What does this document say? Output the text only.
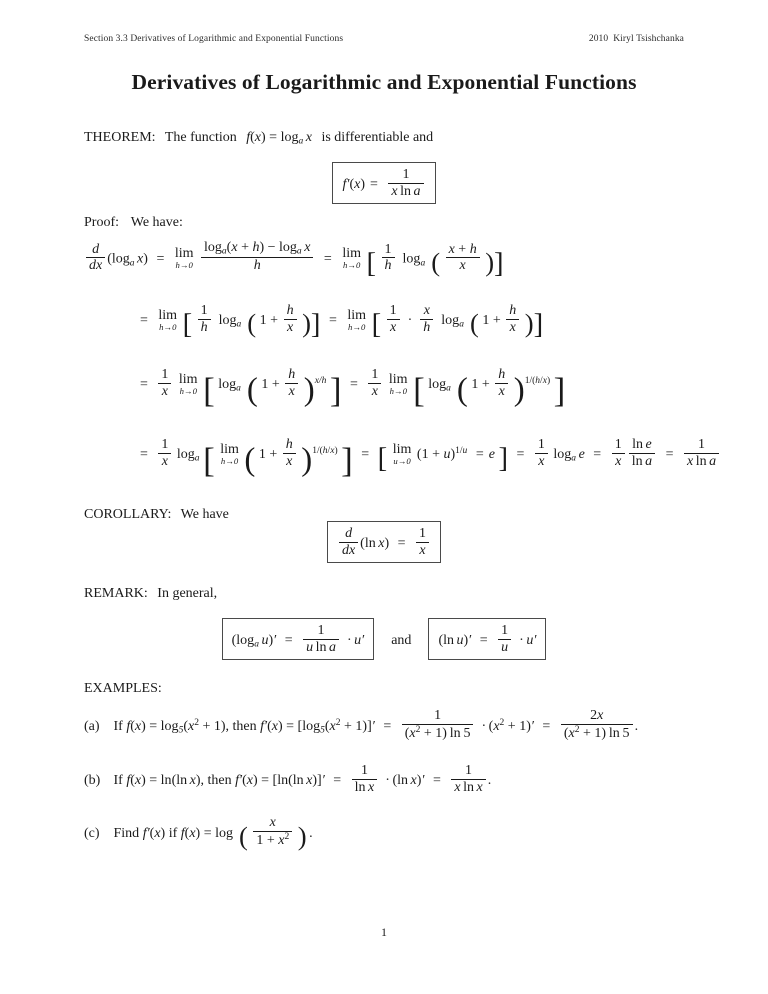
Section 3.3 Derivatives of Logarithmic and Exponential Functions	2010  Kiryl Tsishchanka
Derivatives of Logarithmic and Exponential Functions
THEOREM: The function $f(x) = \log_a x$ is differentiable and
$f'(x) = \frac{1}{\text{x ln a}}$
Proof: We have:
$\frac{d}{dx} (\log_a$ x) = lim
h→0
$\frac{\log_a(x + h) - \log_a x}{h} = \lim$
h→0 [ $\frac{1}{h} \log_a$ ( $\frac{x + h}{x}$ )]
= lim
h→0 [ $\frac{1}{h} \log_a$ ( $1 + \frac{h}{x}$ )] = lim
h→0 [ $\frac{1}{x} \cdot \frac{x}{h} \log_a$ ( $1 + \frac{h}{x}$ )]
= $\frac{1}{x}$
lim
h→0 [ $\log_a$ ( $1 + \frac{h}{x} )^{x/h}$ ] = $\frac{1}{x}$
lim
h→0 [ $\log_a$ ( $1 + \frac{h}{x} )^{1/(h/x)}$ ]
= $\frac{1}{x} \log_a$ [ lim
h→0 ( $1 + \frac{h}{x} )^{1/(h/x)}$ ] = [ lim
u→0 $(1 + u)^{1/u} = e$ ] = $\frac{1}{x} \log_a e = \frac{1}{x} \frac{\text{ln e}}{\text{ln a}} = \frac{1}{\text{x ln a}}$
COROLLARY: We have
$\frac{d}{dx} (\ln$ $x) = \frac{1}{x}$
REMARK: In general,
($\log_a$ $u)' = \frac{1}{\text{u ln a}} \cdot u'$ and  (ln $u)' = \frac{1}{u} \cdot u'$
EXAMPLES:
(a) If $f(x) = \log_5(x^2 + 1)$, then $f'(x) = [\log_5(x^2 + 1)]' = \frac{1}{(x^2 + 1) \ln 5} \cdot (x^2 + 1)' = \frac{2x}{(x^2 + 1) \ln 5}$ .
(b) If f(x) = ln(ln x), then f′(x) = [ln(ln $x)]' = \frac{1}{\text{ln x}} \cdot (\ln$ $x)' = \frac{1}{\text{x ln x}}$ .
(c) Find f′(x) if f(x) = log ( $\frac{x}{1 + x^2}$ ) .
1
